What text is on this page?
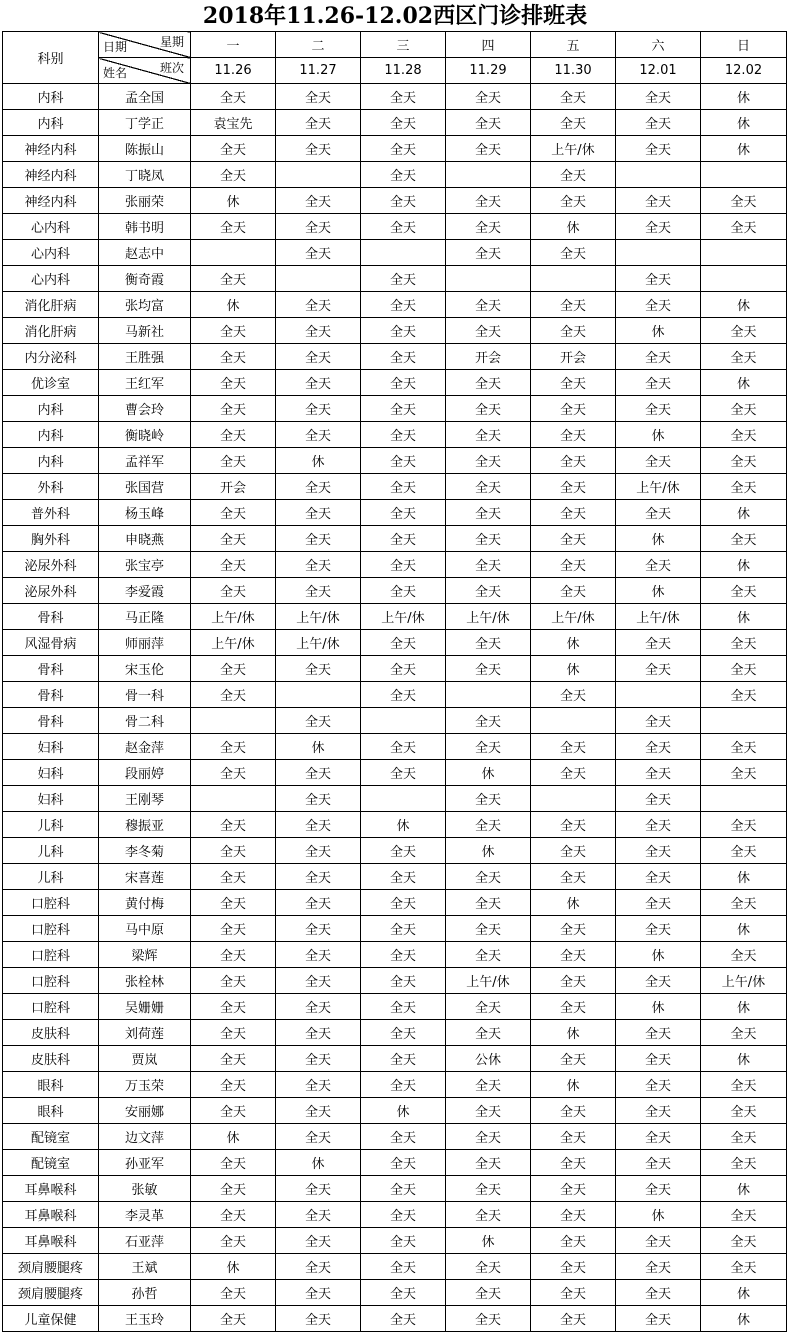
2018年11.26-12.02西区门诊排班表
科别	星期
日期	一	二	三	四	五	六	日

	班次
姓名	11.26	11.27	11.28	11.29	11.30	12.01	12.02
内科	孟全国	全天	全天	全天	全天	全天	全天	休
内科	丁学正	袁宝先	全天	全天	全天	全天	全天	休
神经内科	陈振山	全天	全天	全天	全天	上午/休	全天	休
神经内科	丁晓凤	全天		全天		全天		
神经内科	张丽荣	休	全天	全天	全天	全天	全天	全天
心内科	韩书明	全天	全天	全天	全天	休	全天	全天
心内科	赵志中		全天		全天	全天		
心内科	衡奇霞	全天		全天			全天	
消化肝病	张均富	休	全天	全天	全天	全天	全天	休
消化肝病	马新社	全天	全天	全天	全天	全天	休	全天
内分泌科	王胜强	全天	全天	全天	开会	开会	全天	全天
优诊室	王红军	全天	全天	全天	全天	全天	全天	休
内科	曹会玲	全天	全天	全天	全天	全天	全天	全天
内科	衡晓岭	全天	全天	全天	全天	全天	休	全天
内科	孟祥军	全天	休	全天	全天	全天	全天	全天
外科	张国营	开会	全天	全天	全天	全天	上午/休	全天
普外科	杨玉峰	全天	全天	全天	全天	全天	全天	休
胸外科	申晓燕	全天	全天	全天	全天	全天	休	全天
泌尿外科	张宝亭	全天	全天	全天	全天	全天	全天	休
泌尿外科	李爱霞	全天	全天	全天	全天	全天	休	全天
骨科	马正隆	上午/休	上午/休	上午/休	上午/休	上午/休	上午/休	休
风湿骨病	师丽萍	上午/休	上午/休	全天	全天	休	全天	全天
骨科	宋玉伦	全天	全天	全天	全天	休	全天	全天
骨科	骨一科	全天		全天		全天		全天
骨科	骨二科		全天		全天		全天	
妇科	赵金萍	全天	休	全天	全天	全天	全天	全天
妇科	段丽婷	全天	全天	全天	休	全天	全天	全天
妇科	王刚琴		全天		全天		全天	
儿科	穆振亚	全天	全天	休	全天	全天	全天	全天
儿科	李冬菊	全天	全天	全天	休	全天	全天	全天
儿科	宋喜莲	全天	全天	全天	全天	全天	全天	休
口腔科	黄付梅	全天	全天	全天	全天	休	全天	全天
口腔科	马中原	全天	全天	全天	全天	全天	全天	休
口腔科	梁辉	全天	全天	全天	全天	全天	休	全天
口腔科	张栓林	全天	全天	全天	上午/休	全天	全天	上午/休
口腔科	吴姗姗	全天	全天	全天	全天	全天	休	休
皮肤科	刘荷莲	全天	全天	全天	全天	休	全天	全天
皮肤科	贾岚	全天	全天	全天	公休	全天	全天	休
眼科	万玉荣	全天	全天	全天	全天	休	全天	全天
眼科	安丽娜	全天	全天	休	全天	全天	全天	全天
配镜室	边文萍	休	全天	全天	全天	全天	全天	全天
配镜室	孙亚军	全天	休	全天	全天	全天	全天	全天
耳鼻喉科	张敏	全天	全天	全天	全天	全天	全天	休
耳鼻喉科	李灵革	全天	全天	全天	全天	全天	休	全天
耳鼻喉科	石亚萍	全天	全天	全天	休	全天	全天	全天
颈肩腰腿疼	王斌	休	全天	全天	全天	全天	全天	全天
颈肩腰腿疼	孙哲	全天	全天	全天	全天	全天	全天	休
儿童保健	王玉玲	全天	全天	全天	全天	全天	全天	休
